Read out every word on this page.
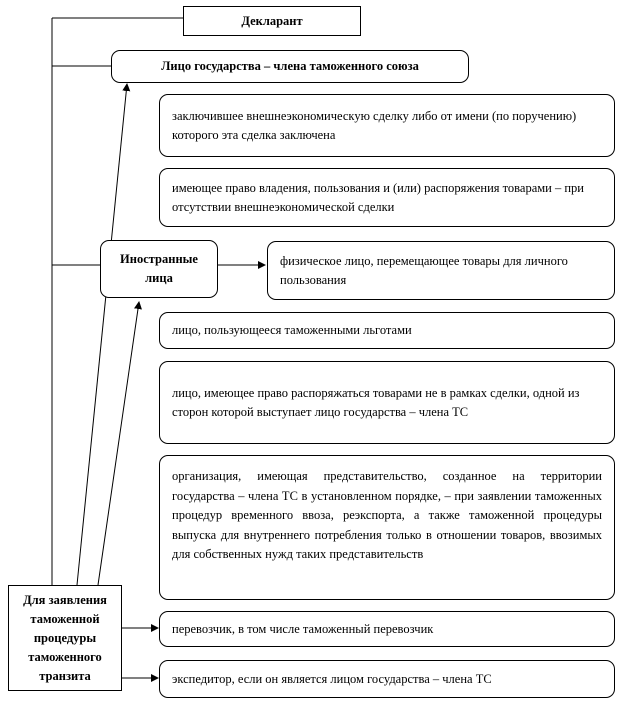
Декларант
Лицо государства – члена таможенного союза
заключившее внешнеэкономическую сделку либо от имени (по поручению) которого эта сделка заключена
имеющее право владения, пользования и (или) распоряжения товарами – при отсутствии внешнеэкономической сделки
Иностранные лица
физическое лицо, перемещающее товары для личного пользования
лицо, пользующееся таможенными льготами
лицо, имеющее право распоряжаться товарами не в рамках сделки, одной из сторон которой выступает лицо государства – члена ТС
организация, имеющая представительство, созданное на территории государства – члена ТС в установленном порядке, – при заявлении таможенных процедур временного ввоза, реэкспорта, а также таможенной процедуры выпуска для внутреннего потребления только в отношении товаров, ввозимых для собственных нужд таких представительств
Для заявления таможенной процедуры таможенного транзита
перевозчик, в том числе таможенный перевозчик
экспедитор, если он является лицом государства – члена ТС
